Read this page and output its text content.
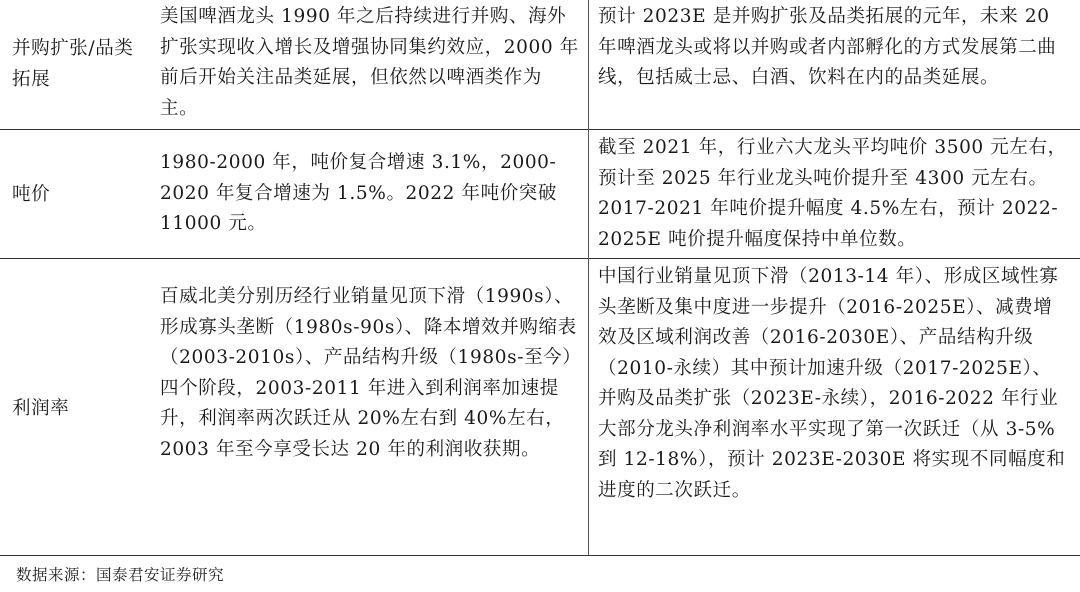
并购扩张/品类拓展
美国啤酒龙头 1990 年之后持续进行并购、海外扩张实现收入增长及增强协同集约效应，2000 年前后开始关注品类延展，但依然以啤酒类作为主。
预计 2023E 是并购扩张及品类拓展的元年，未来 20 年啤酒龙头或将以并购或者内部孵化的方式发展第二曲线，包括威士忌、白酒、饮料在内的品类延展。
吨价
1980-2000 年，吨价复合增速 3.1%，2000-2020 年复合增速为 1.5%。2022 年吨价突破 11000 元。
截至 2021 年，行业六大龙头平均吨价 3500 元左右，预计至 2025 年行业龙头吨价提升至 4300 元左右。2017-2021 年吨价提升幅度 4.5%左右，预计 2022-2025E 吨价提升幅度保持中单位数。
利润率
百威北美分别历经行业销量见顶下滑（1990s）、形成寡头垄断（1980s-90s）、降本增效并购缩表（2003-2010s）、产品结构升级（1980s-至今）四个阶段，2003-2011 年进入到利润率加速提升，利润率两次跃迁从 20%左右到 40%左右，2003 年至今享受长达 20 年的利润收获期。
中国行业销量见顶下滑（2013-14 年）、形成区域性寡头垄断及集中度进一步提升（2016-2025E）、减费增效及区域利润改善（2016-2030E）、产品结构升级（2010-永续）其中预计加速升级（2017-2025E）、并购及品类扩张（2023E-永续），2016-2022 年行业大部分龙头净利润率水平实现了第一次跃迁（从 3-5%到 12-18%），预计 2023E-2030E 将实现不同幅度和进度的二次跃迁。
数据来源：国泰君安证券研究
